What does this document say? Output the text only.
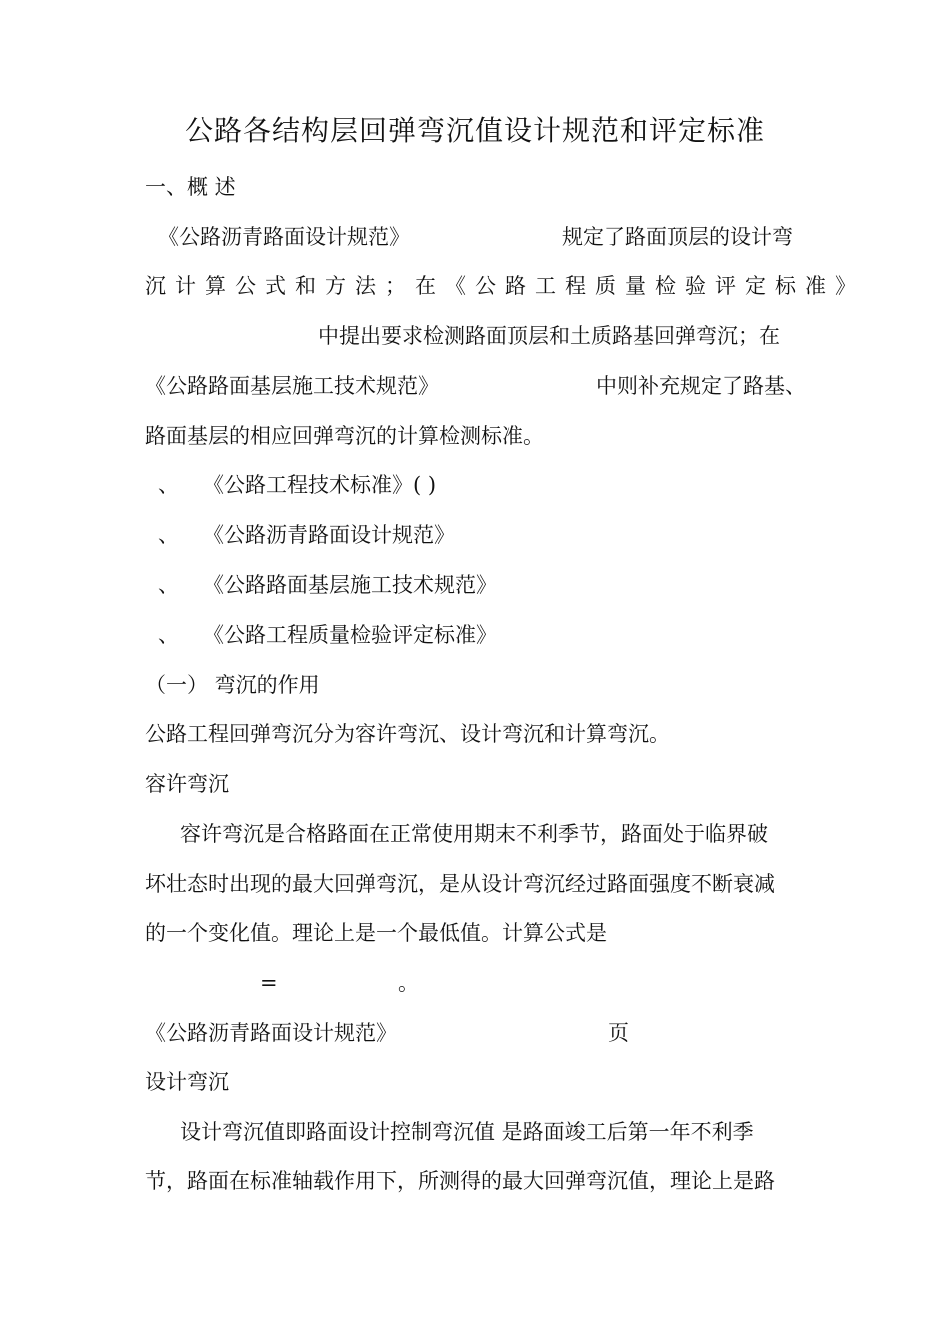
公路各结构层回弹弯沉值设计规范和评定标准
一、概 述
《公路沥青路面设计规范》	规定了路面顶层的设计弯
沉计算公式和方法；在《公路工程质量检验评定标准》
中提出要求检测路面顶层和土质路基回弹弯沉；在
《公路路面基层施工技术规范》	中则补充规定了路基、
路面基层的相应回弹弯沉的计算检测标准。
、 《公路工程技术标准》( )
、 《公路沥青路面设计规范》
、 《公路路面基层施工技术规范》
、 《公路工程质量检验评定标准》
（一） 弯沉的作用
公路工程回弹弯沉分为容许弯沉、设计弯沉和计算弯沉。
容许弯沉
容许弯沉是合格路面在正常使用期末不利季节，路面处于临界破
坏壮态时出现的最大回弹弯沉，是从设计弯沉经过路面强度不断衰减
的一个变化值。理论上是一个最低值。计算公式是
=	。
《公路沥青路面设计规范》	页
设计弯沉
设计弯沉值即路面设计控制弯沉值 是路面竣工后第一年不利季
节，路面在标准轴载作用下，所测得的最大回弹弯沉值，理论上是路
